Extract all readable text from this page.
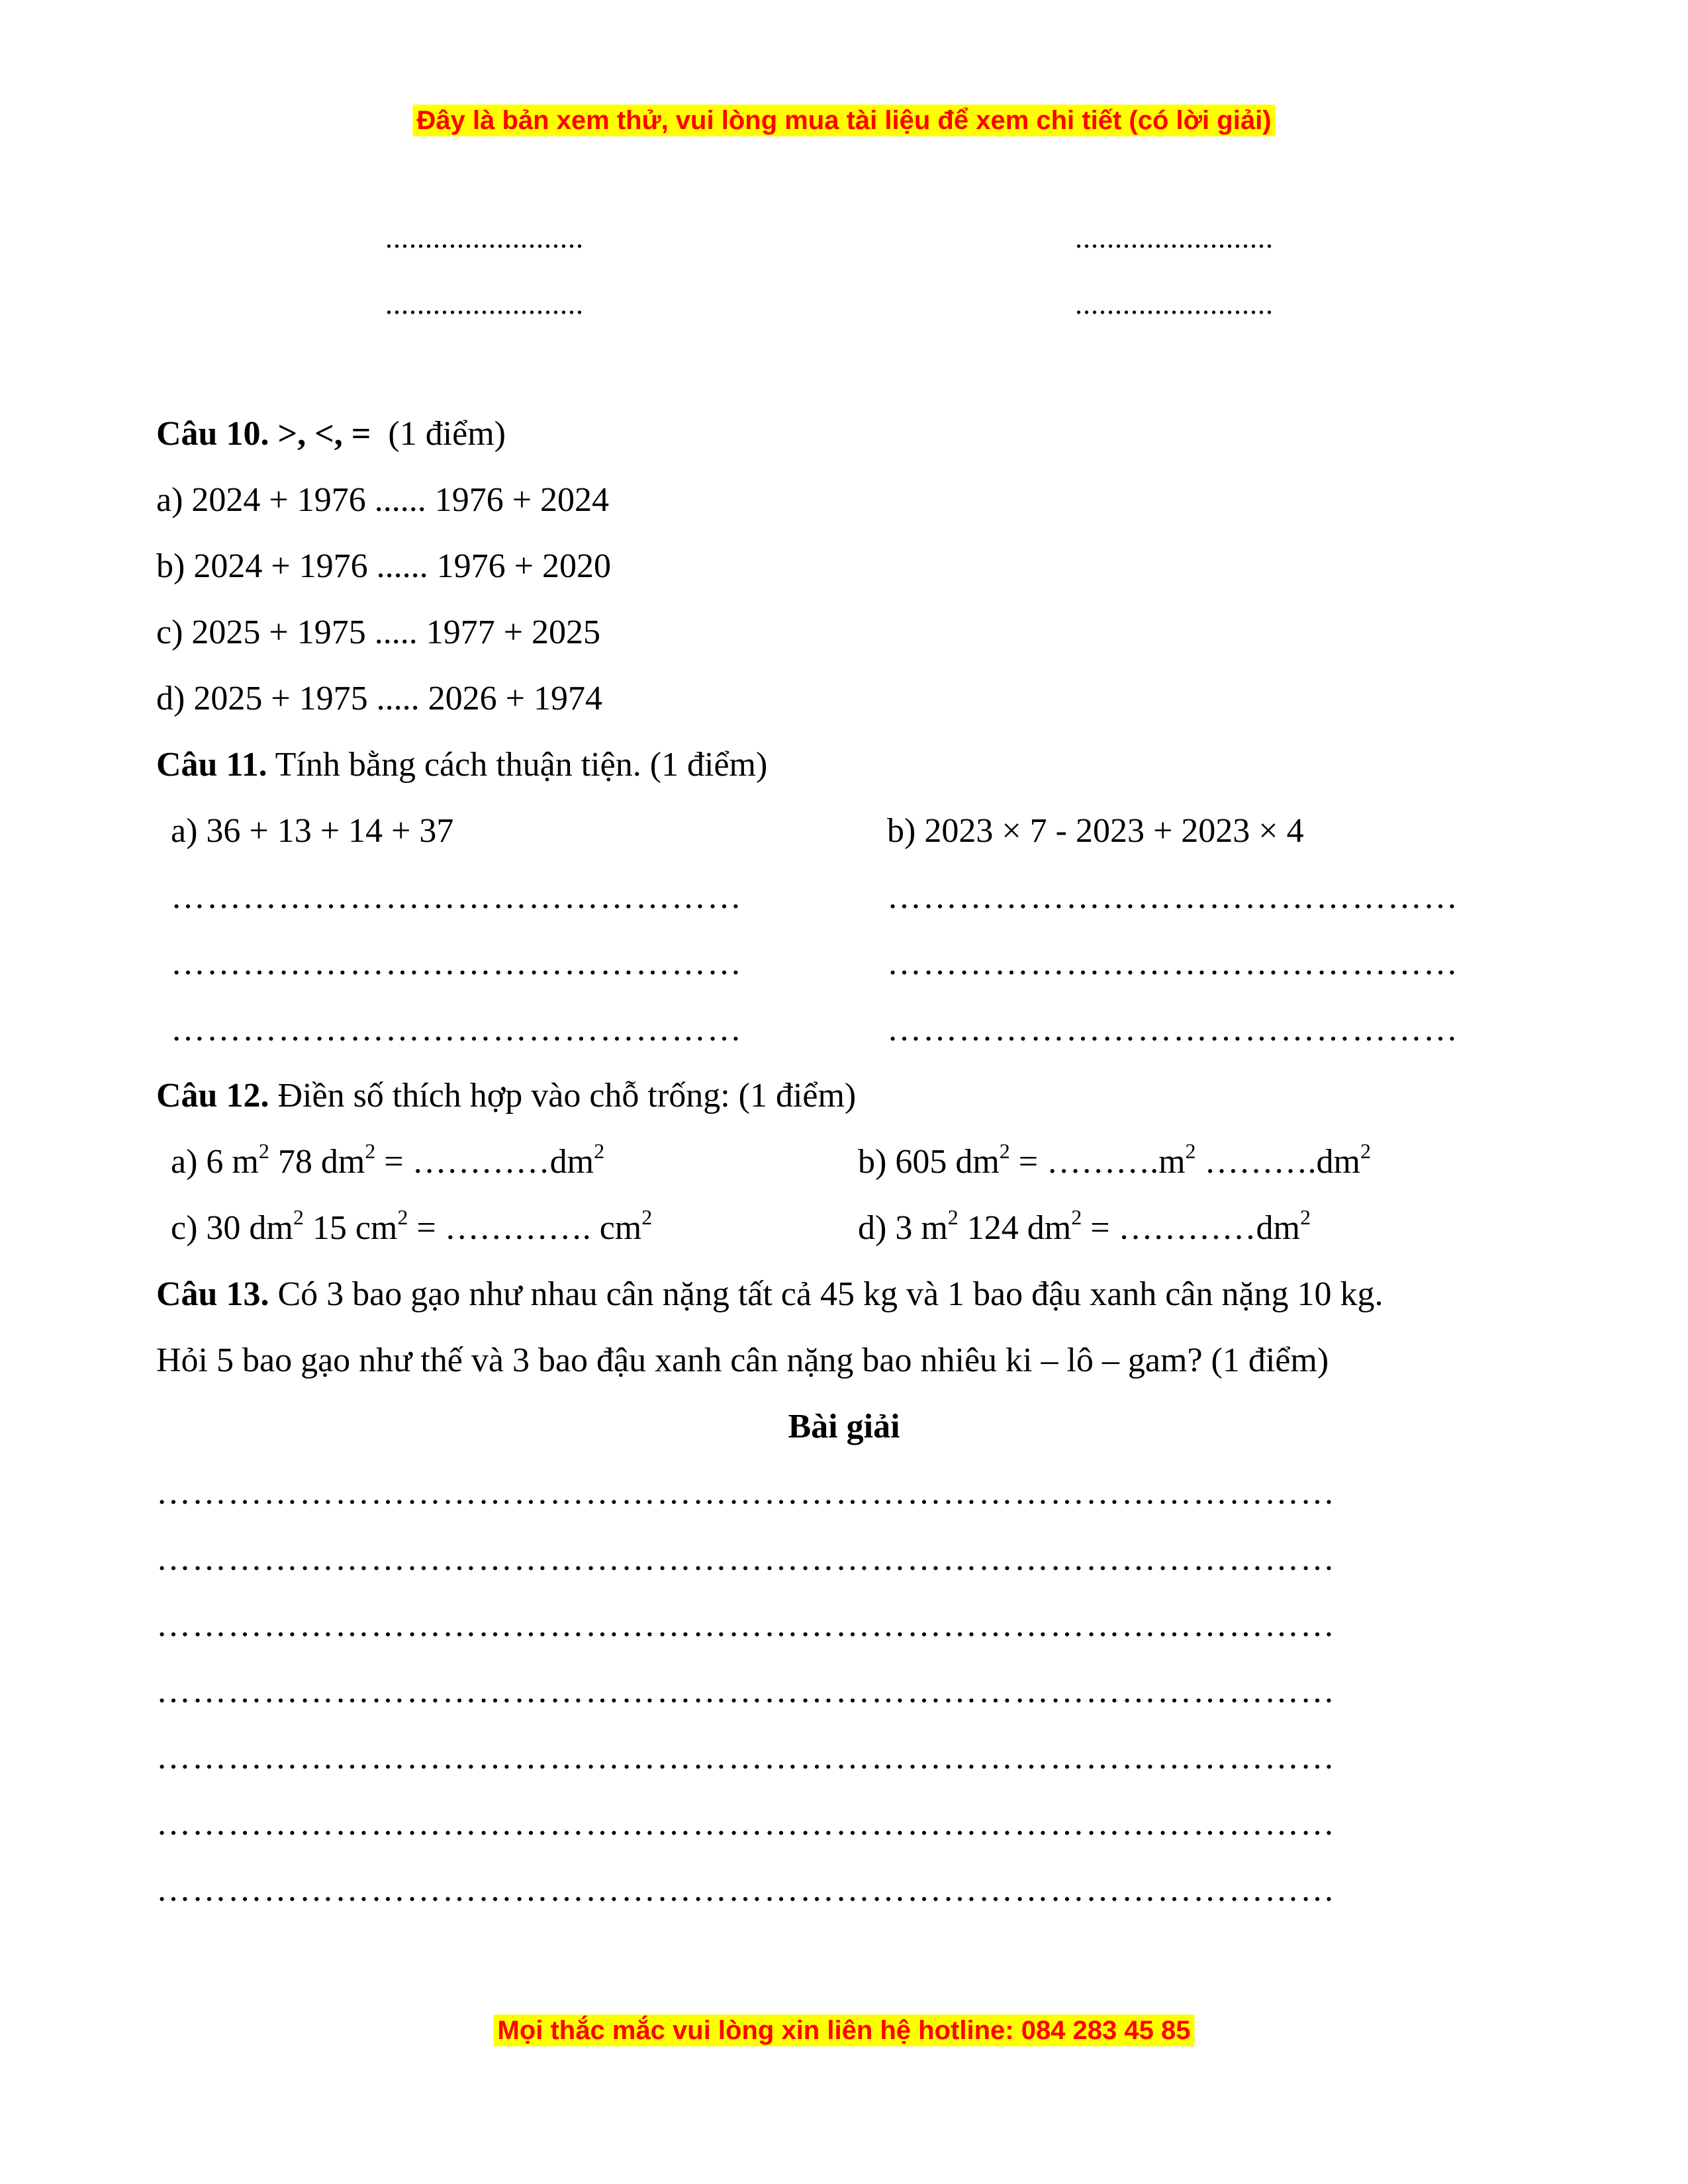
Đây là bản xem thử, vui lòng mua tài liệu để xem chi tiết (có lời giải)
.........................	.........................
.........................	.........................
Câu 10. >, <, = (1 điểm)
a) 2024 + 1976 ...... 1976 + 2024
b) 2024 + 1976 ...... 1976 + 2020
c) 2025 + 1975 ..... 1977 + 2025
d) 2025 + 1975 ..... 2026 + 1974
Câu 11. Tính bằng cách thuận tiện. (1 điểm)
a) 36 + 13 + 14 + 37	b) 2023 × 7 - 2023 + 2023 × 4
…………………………………………	…………………………………………
…………………………………………	…………………………………………
…………………………………………	…………………………………………
Câu 12. Điền số thích hợp vào chỗ trống: (1 điểm)
a) 6 $m^2$ 78 $dm^2$ = $\dots\dots\dots\dots dm^2$	b) 605 $dm^2$ = $\dots\dots\dots.m^2$ $\dots\dots\dots.dm^2$
c) 30 $dm^2$ 15 $cm^2$ = …………. $cm^2$	d) 3 $m^2$ 124 $dm^2$ = $\dots\dots\dots\dots dm^2$
Câu 13. Có 3 bao gạo như nhau cân nặng tất cả 45 kg và 1 bao đậu xanh cân nặng 10 kg.
Hỏi 5 bao gạo như thế và 3 bao đậu xanh cân nặng bao nhiêu ki – lô – gam? (1 điểm)
Bài giải
………………………………………………………………………………………
………………………………………………………………………………………
………………………………………………………………………………………
………………………………………………………………………………………
………………………………………………………………………………………
………………………………………………………………………………………
………………………………………………………………………………………
Mọi thắc mắc vui lòng xin liên hệ hotline: 084 283 45 85
